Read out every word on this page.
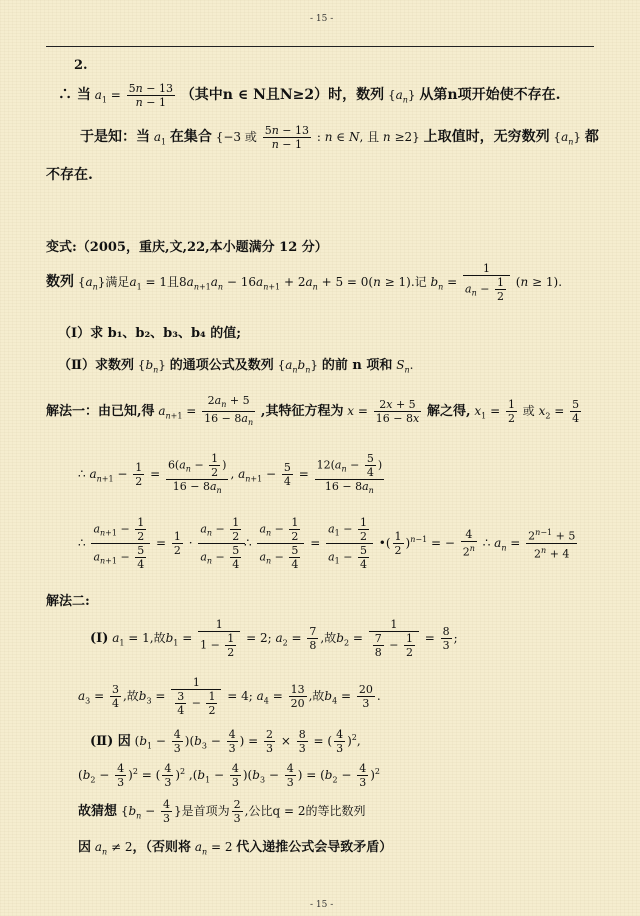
- 15 -
2.
∴ 当 $a_1 = \frac{5n - 13}{n - 1}$ （其中n ∈ N且N≥2）时，数列 $\{a_n\}$ 从第n项开始使不存在.
于是知：当 $a_1$ 在集合 {−3 或 $\frac{5n - 13}{n - 1}$ : n ∈ N, 且 n ≥2} 上取值时，无穷数列 $\{a_n\}$ 都
不存在.
变式:（2005，重庆,文,22,本小题满分 12 分）
数列 $\{a_n\}$满足$a_1 = 1$且$8a_{n+1}a_n - 16a_{n+1} + 2a_n + 5 = 0(n \ge 1)$.记 $b_n = \frac{1}{a_n - \frac{1}{2}} (n \ge 1)$.
（Ⅰ）求 b₁、b₂、b₃、b₄ 的值;
（Ⅱ）求数列 $\{b_n\}$ 的通项公式及数列 $\{a_nb_n\}$ 的前 n 项和 $S_n$.
解法一：由已知,得 $a_{n+1} = \frac{2a_n + 5}{16 - 8a_n}$ ,其特征方程为 $x = \frac{2x + 5}{16 - 8x}$ 解之得, $x_1 = \frac{1}{2}$ 或 $x_2 = \frac{5}{4}$
∴ $a_{n+1} - \frac{1}{2} = \frac{6(a_n - \frac{1}{2} )}{16 - 8a_n}$ , $a_{n+1} - \frac{5}{4} = \frac{12(a_n - \frac{5}{4} )}{16 - 8a_n}$
∴ $\frac{a_{n+1} - \frac{1}{2}}{a_{n+1} - \frac{5}{4}} = \frac{1}{2} \cdot \frac{a_n - \frac{1}{2}}{a_n - \frac{5}{4}}$
∴ $\frac{a_n - \frac{1}{2}}{a_n - \frac{5}{4}} = \frac{a_1 - \frac{1}{2}}{a_1 - \frac{5}{4}}$ •( $\frac{1}{2} )^{n-1}$ = − $\frac{4}{2^n}$ ∴ $a_n = \frac{2^{n-1} + 5}{2^n + 4}$
解法二:
(Ⅰ) $a_1 = 1$,故$b_1 = \frac{1}{1 - \frac{1}{2}} = 2$; $a_2 = \frac{7}{8}$ ,故$b_2 = \frac{1}{\frac{7}{8} - \frac{1}{2}} = \frac{8}{3}$ ;
$a_3 = \frac{3}{4}$ ,故$b_3 = \frac{1}{\frac{3}{4} - \frac{1}{2}} = 4$; $a_4 = \frac{13}{20}$ ,故$b_4 = \frac{20}{3}$ .
(Ⅱ) 因 $(b_1 - \frac{4}{3} )(b_3 - \frac{4}{3}$ ) = $\frac{2}{3} \times \frac{8}{3}$ = ( $\frac{4}{3} )^2$,
$(b_2 - \frac{4}{3} )^2$ = ( $\frac{4}{3} )^2$ $,(b_1 - \frac{4}{3} )(b_3 - \frac{4}{3}$ ) = $(b_2 - \frac{4}{3} )^2$
故猜想 {$b_n - \frac{4}{3}$ }是首项为 $\frac{2}{3}$ ,公比q = 2的等比数列
因 $a_n \ne 2$，（否则将 $a_n = 2$ 代入递推公式会导致矛盾）
- 15 -
